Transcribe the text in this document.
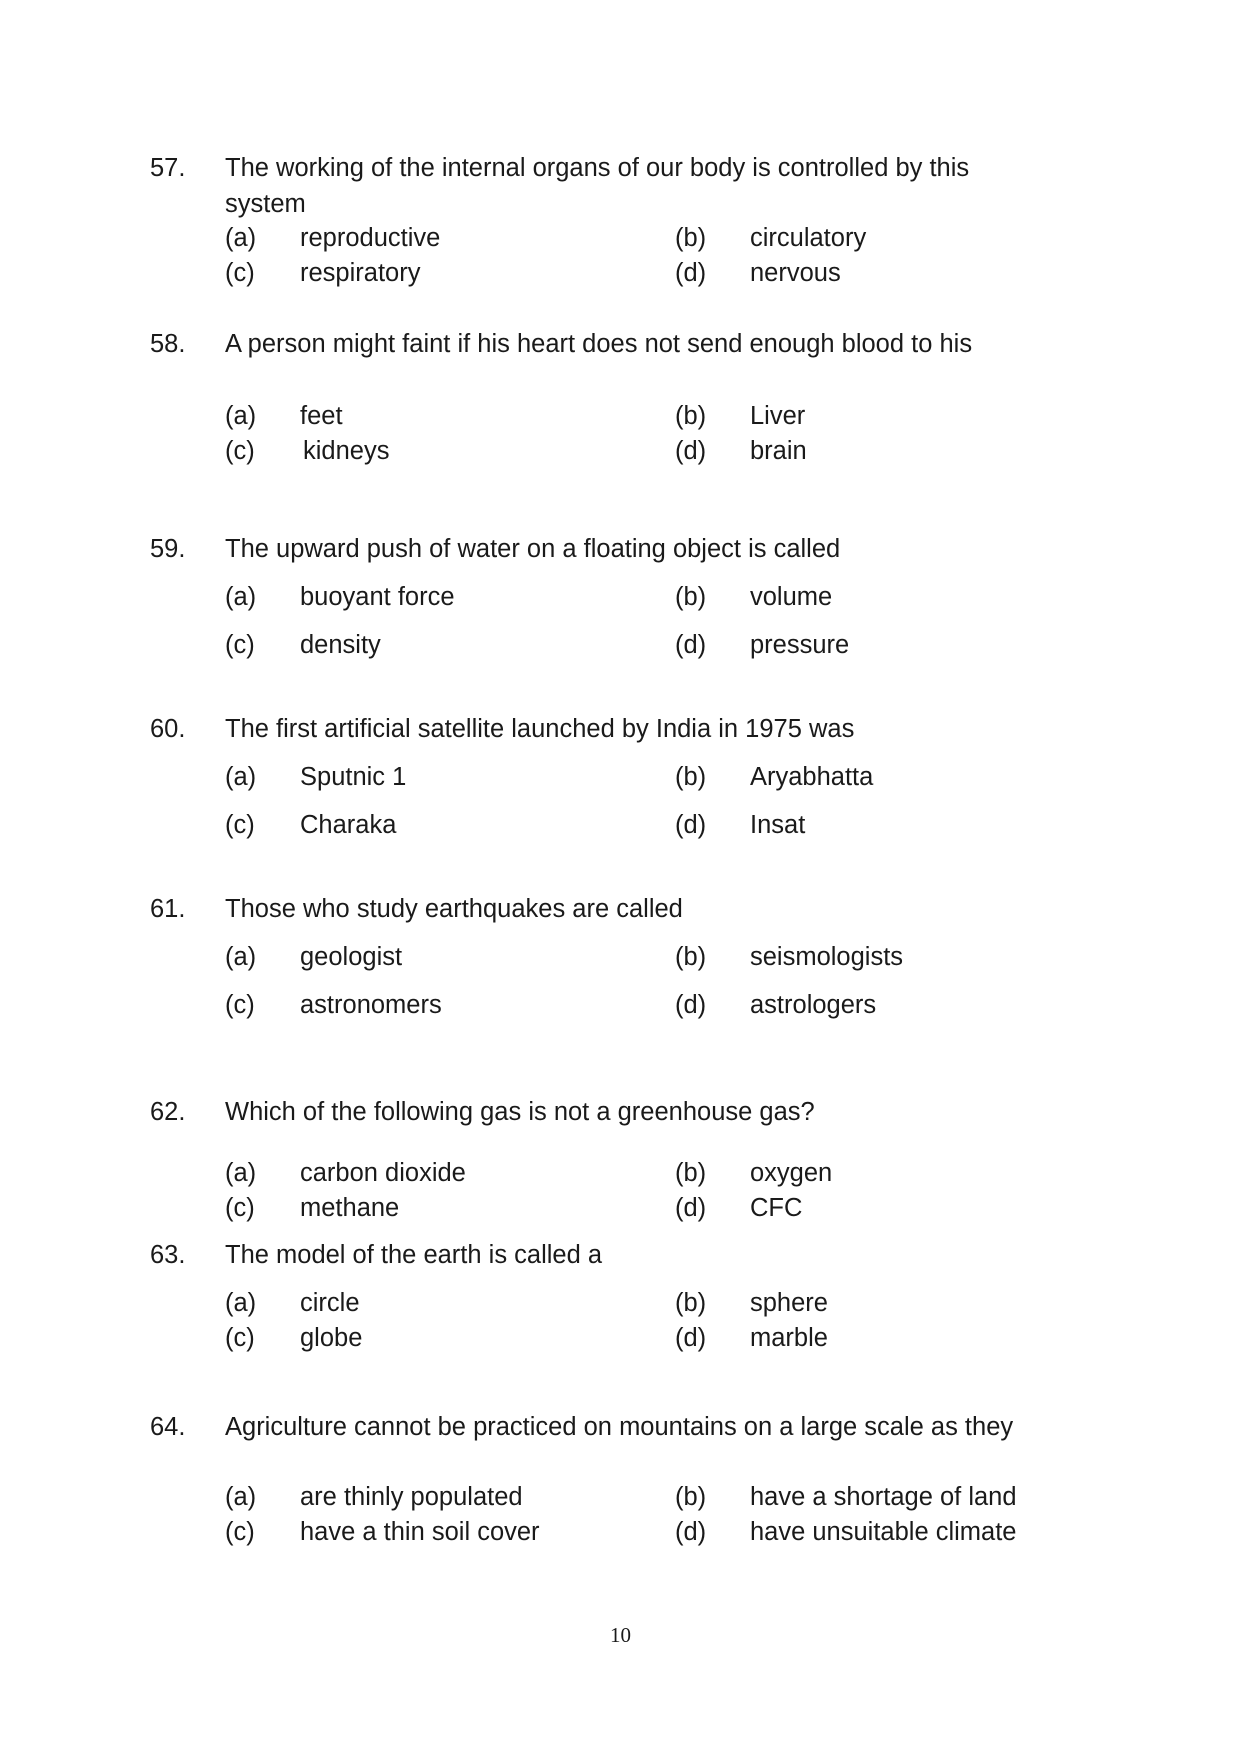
57.	The working of the internal organs of our body is controlled by this system
(a)	reproductive	(b)	circulatory
(c)	respiratory	(d)	nervous
58.	A person might faint if his heart does not send enough blood to his
(a)	feet	(b)	Liver
(c)	kidneys	(d)	brain
59.	The upward push of water on a floating object is called
(a)	buoyant force	(b)	volume
(c)	density	(d)	pressure
60.	The first artificial satellite launched by India in 1975 was
(a)	Sputnic 1	(b)	Aryabhatta
(c)	Charaka	(d)	Insat
61.	Those who study earthquakes are called
(a)	geologist	(b)	seismologists
(c)	astronomers	(d)	astrologers
62.	Which of the following gas is not a greenhouse gas?
(a)	carbon dioxide	(b)	oxygen
(c)	methane	(d)	CFC
63.	The model of the earth is called a
(a)	circle	(b)	sphere
(c)	globe	(d)	marble
64.	Agriculture cannot be practiced on mountains on a large scale as they
(a)	are thinly populated	(b)	have a shortage of land
(c)	have a thin soil cover	(d)	have unsuitable climate
10
